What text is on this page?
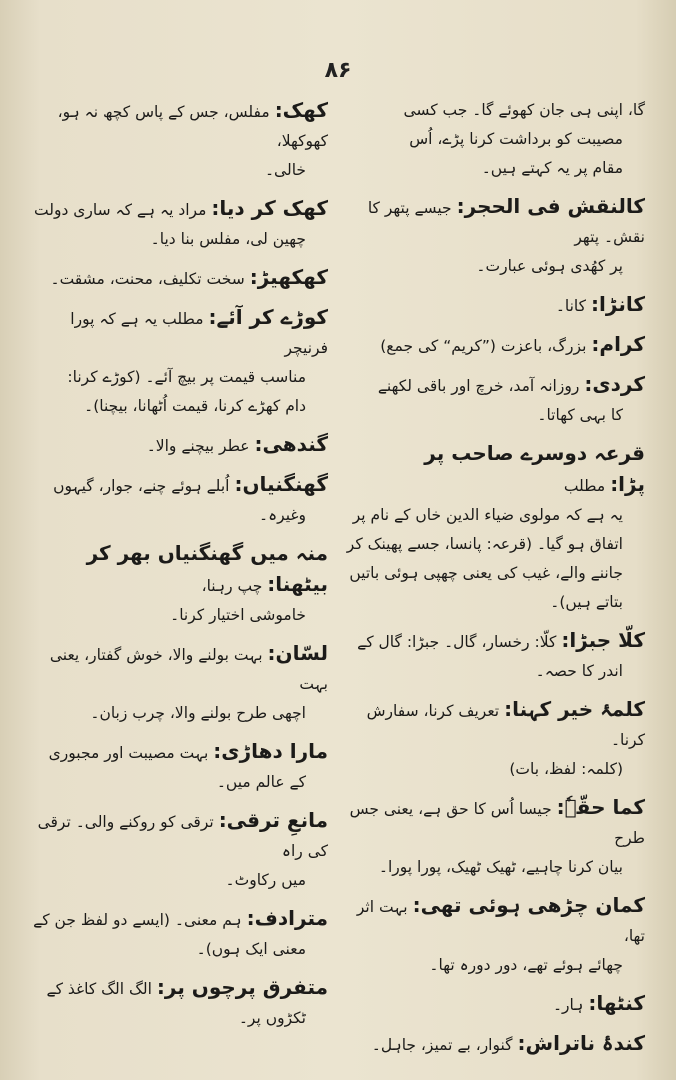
۸۶
گا، اپنی ہی جان کھوئے گا۔ جب کسی
مصیبت کو برداشت کرنا پڑے، اُس
مقام پر یہ کہتے ہیں۔
کالنقش فی الحجر:جیسے پتھر کا نقش۔ پتھر
پر کھُدی ہوئی عبارت۔
کانڑا:کانا۔
کرام:بزرگ، باعزت (”کریم“ کی جمع)
کردی:روزانہ آمد، خرچ اور باقی لکھنے
کا بہی کھاتا۔
قرعہ دوسرے صاحب پر پڑا:مطلب
یہ ہے کہ مولوی ضیاء الدین خاں کے نام پر
اتفاق ہو گیا۔ (قرعہ: پانسا، جسے پھینک کر
جاننے والے، غیب کی یعنی چھپی ہوئی باتیں بتاتے ہیں)۔
کلّا جبڑا:کلّا: رخسار، گال۔ جبڑا: گال کے
اندر کا حصہ۔
کلمۂ خیر کہنا:تعریف کرنا، سفارش کرنا۔
(کلمہ: لفظ، بات)
کما حقّہٗ:جیسا اُس کا حق ہے، یعنی جس طرح
بیان کرنا چاہیے، ٹھیک ٹھیک، پورا پورا۔
کمان چڑھی ہوئی تھی:بہت اثر تھا،
چھائے ہوئے تھے، دور دورہ تھا۔
کنٹھا:ہار۔
کندۂ ناتراش:گنوار، بے تمیز، جاہل۔
کھک:مفلس، جس کے پاس کچھ نہ ہو، کھوکھلا،
خالی۔
کھک کر دیا:مراد یہ ہے کہ ساری دولت
چھین لی، مفلس بنا دیا۔
کھکھیڑ:سخت تکلیف، محنت، مشقت۔
کوڑے کر آئے:مطلب یہ ہے کہ پورا فرنیچر
مناسب قیمت پر بیچ آئے۔ (کوڑے کرنا:
دام کھڑے کرنا، قیمت اُٹھانا، بیچنا)۔
گندھی:عطر بیچنے والا۔
گھنگنیاں:اُبلے ہوئے چنے، جوار، گیہوں
وغیرہ۔
منہ میں گھنگنیاں بھر کر بیٹھنا:چپ رہنا،
خاموشی اختیار کرنا۔
لسّان:بہت بولنے والا، خوش گفتار، یعنی بہت
اچھی طرح بولنے والا، چرب زبان۔
مارا دھاڑی:بہت مصیبت اور مجبوری
کے عالم میں۔
مانعِ ترقی:ترقی کو روکنے والی۔ ترقی کی راہ
میں رکاوٹ۔
مترادف:ہم معنی۔ (ایسے دو لفظ جن کے
معنی ایک ہوں)۔
متفرق پرچوں پر:الگ الگ کاغذ کے
ٹکڑوں پر۔
